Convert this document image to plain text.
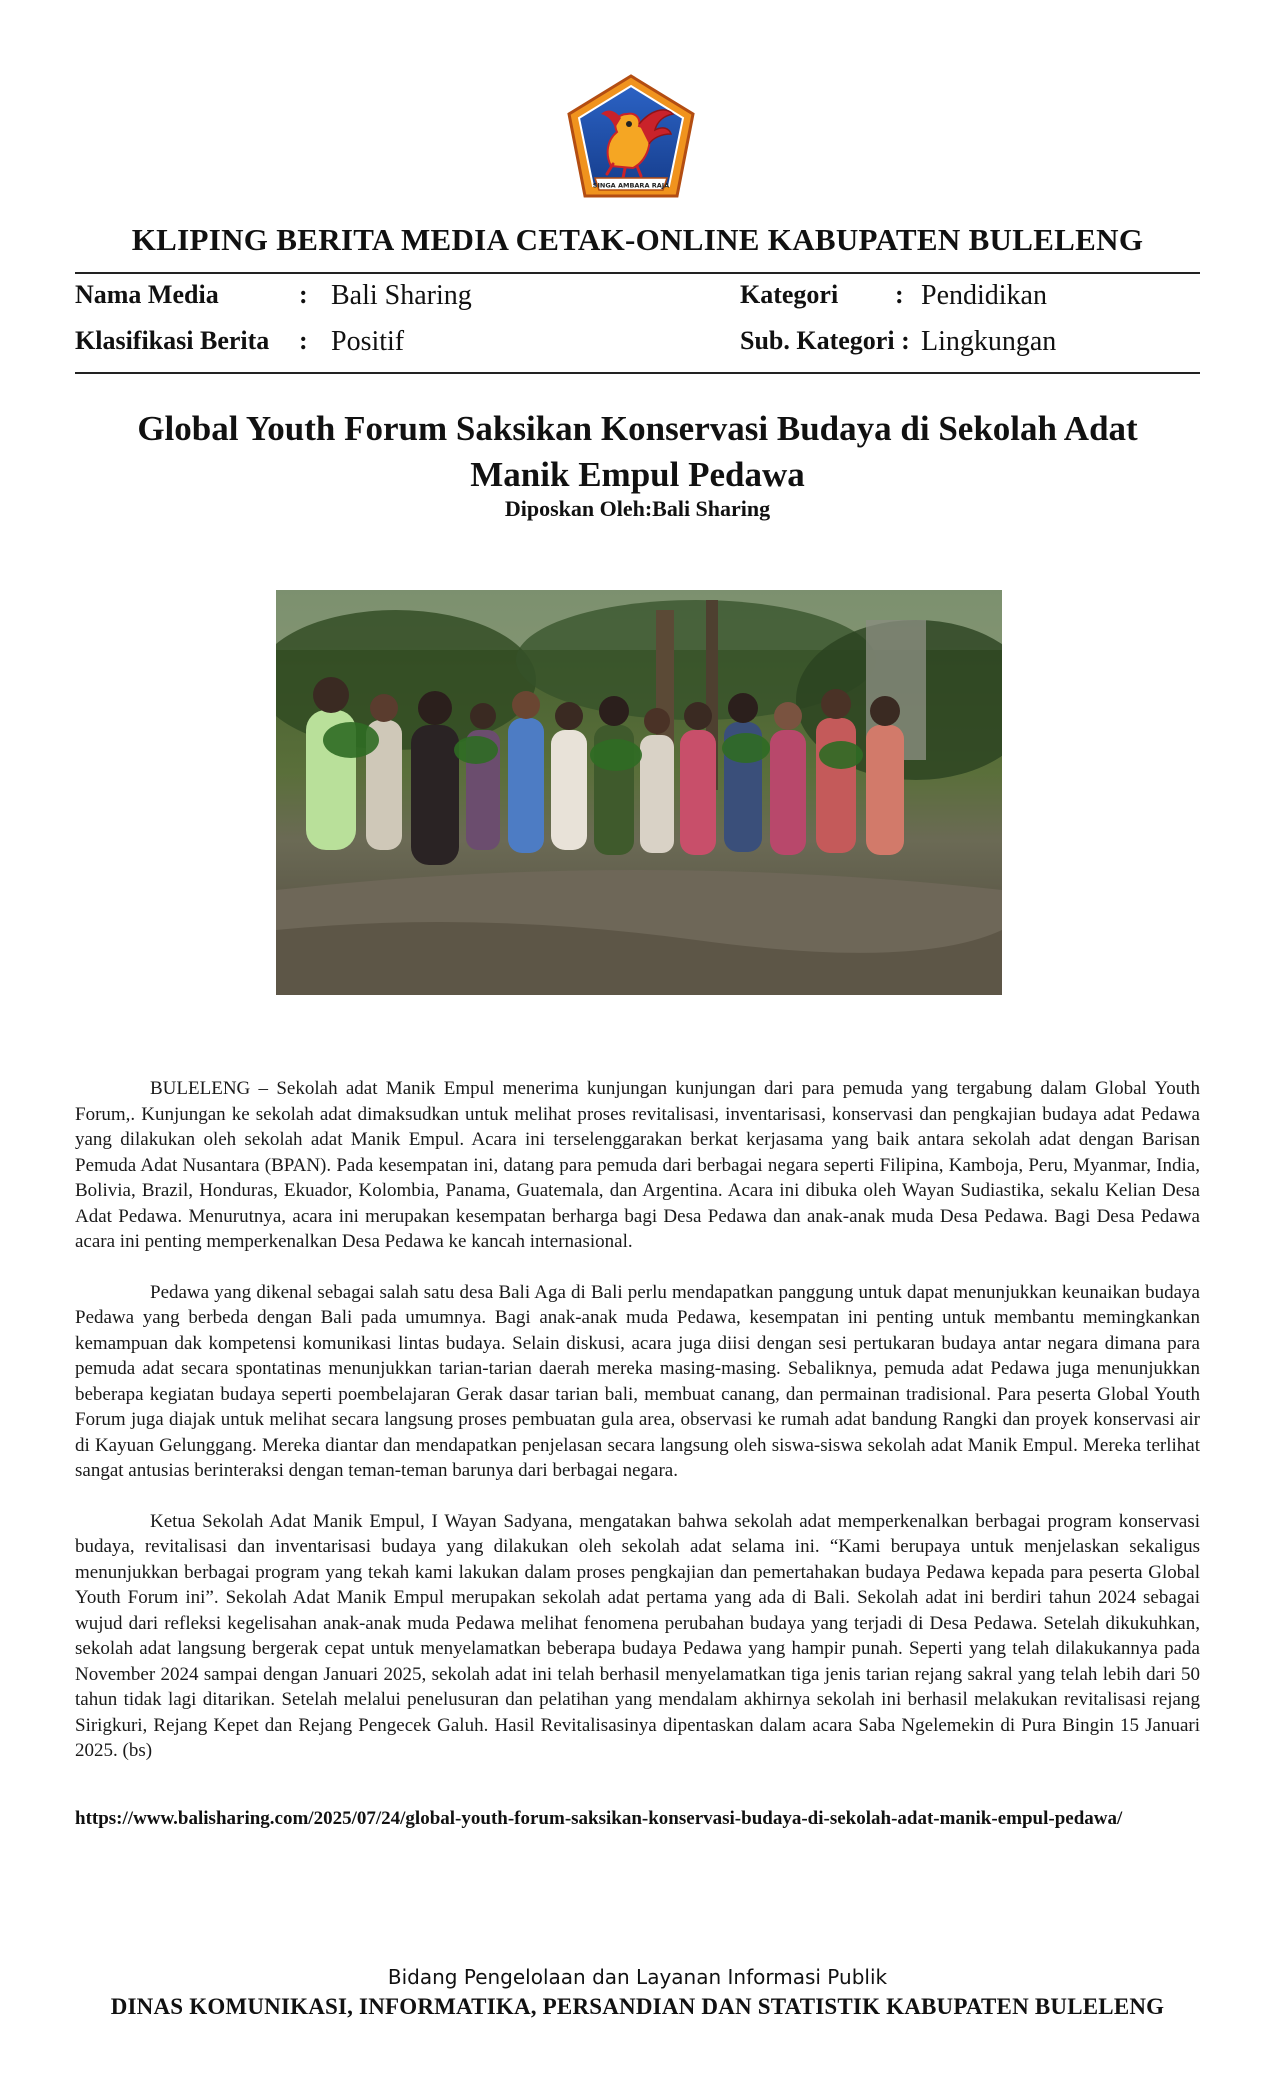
SINGA AMBARA RAJA
KLIPING BERITA MEDIA CETAK-ONLINE KABUPATEN BULELENG
Nama Media	: Bali Sharing	Kategori : Pendidikan
Klasifikasi Berita : Positif	Sub. Kategori : Lingkungan
Global Youth Forum Saksikan Konservasi Budaya di Sekolah Adat Manik Empul Pedawa
Diposkan Oleh:Bali Sharing

BULELENG – Sekolah adat Manik Empul menerima kunjungan kunjungan dari para pemuda yang tergabung dalam Global Youth Forum,. Kunjungan ke sekolah adat dimaksudkan untuk melihat proses revitalisasi, inventarisasi, konservasi dan pengkajian budaya adat Pedawa yang dilakukan oleh sekolah adat Manik Empul. Acara ini terselenggarakan berkat kerjasama yang baik antara sekolah adat dengan Barisan Pemuda Adat Nusantara (BPAN). Pada kesempatan ini, datang para pemuda dari berbagai negara seperti Filipina, Kamboja, Peru, Myanmar, India, Bolivia, Brazil, Honduras, Ekuador, Kolombia, Panama, Guatemala, dan Argentina. Acara ini dibuka oleh Wayan Sudiastika, sekalu Kelian Desa Adat Pedawa. Menurutnya, acara ini merupakan kesempatan berharga bagi Desa Pedawa dan anak-anak muda Desa Pedawa. Bagi Desa Pedawa acara ini penting memperkenalkan Desa Pedawa ke kancah internasional.

Pedawa yang dikenal sebagai salah satu desa Bali Aga di Bali perlu mendapatkan panggung untuk dapat menunjukkan keunaikan budaya Pedawa yang berbeda dengan Bali pada umumnya. Bagi anak-anak muda Pedawa, kesempatan ini penting untuk membantu memingkankan kemampuan dak kompetensi komunikasi lintas budaya. Selain diskusi, acara juga diisi dengan sesi pertukaran budaya antar negara dimana para pemuda adat secara spontatinas menunjukkan tarian-tarian daerah mereka masing-masing. Sebaliknya, pemuda adat Pedawa juga menunjukkan beberapa kegiatan budaya seperti poembelajaran Gerak dasar tarian bali, membuat canang, dan permainan tradisional. Para peserta Global Youth Forum juga diajak untuk melihat secara langsung proses pembuatan gula area, observasi ke rumah adat bandung Rangki dan proyek konservasi air di Kayuan Gelunggang. Mereka diantar dan mendapatkan penjelasan secara langsung oleh siswa-siswa sekolah adat Manik Empul. Mereka terlihat sangat antusias berinteraksi dengan teman-teman barunya dari berbagai negara.

Ketua Sekolah Adat Manik Empul, I Wayan Sadyana, mengatakan bahwa sekolah adat memperkenalkan berbagai program konservasi budaya, revitalisasi dan inventarisasi budaya yang dilakukan oleh sekolah adat selama ini. “Kami berupaya untuk menjelaskan sekaligus menunjukkan berbagai program yang tekah kami lakukan dalam proses pengkajian dan pemertahakan budaya Pedawa kepada para peserta Global Youth Forum ini”. Sekolah Adat Manik Empul merupakan sekolah adat pertama yang ada di Bali. Sekolah adat ini berdiri tahun 2024 sebagai wujud dari refleksi kegelisahan anak-anak muda Pedawa melihat fenomena perubahan budaya yang terjadi di Desa Pedawa. Setelah dikukuhkan, sekolah adat langsung bergerak cepat untuk menyelamatkan beberapa budaya Pedawa yang hampir punah. Seperti yang telah dilakukannya pada November 2024 sampai dengan Januari 2025, sekolah adat ini telah berhasil menyelamatkan tiga jenis tarian rejang sakral yang telah lebih dari 50 tahun tidak lagi ditarikan. Setelah melalui penelusuran dan pelatihan yang mendalam akhirnya sekolah ini berhasil melakukan revitalisasi rejang Sirigkuri, Rejang Kepet dan Rejang Pengecek Galuh. Hasil Revitalisasinya dipentaskan dalam acara Saba Ngelemekin di Pura Bingin 15 Januari 2025. (bs)

https://www.balisharing.com/2025/07/24/global-youth-forum-saksikan-konservasi-budaya-di-sekolah-adat-manik-empul-pedawa/
Bidang Pengelolaan dan Layanan Informasi Publik
DINAS KOMUNIKASI, INFORMATIKA, PERSANDIAN DAN STATISTIK KABUPATEN BULELENG
